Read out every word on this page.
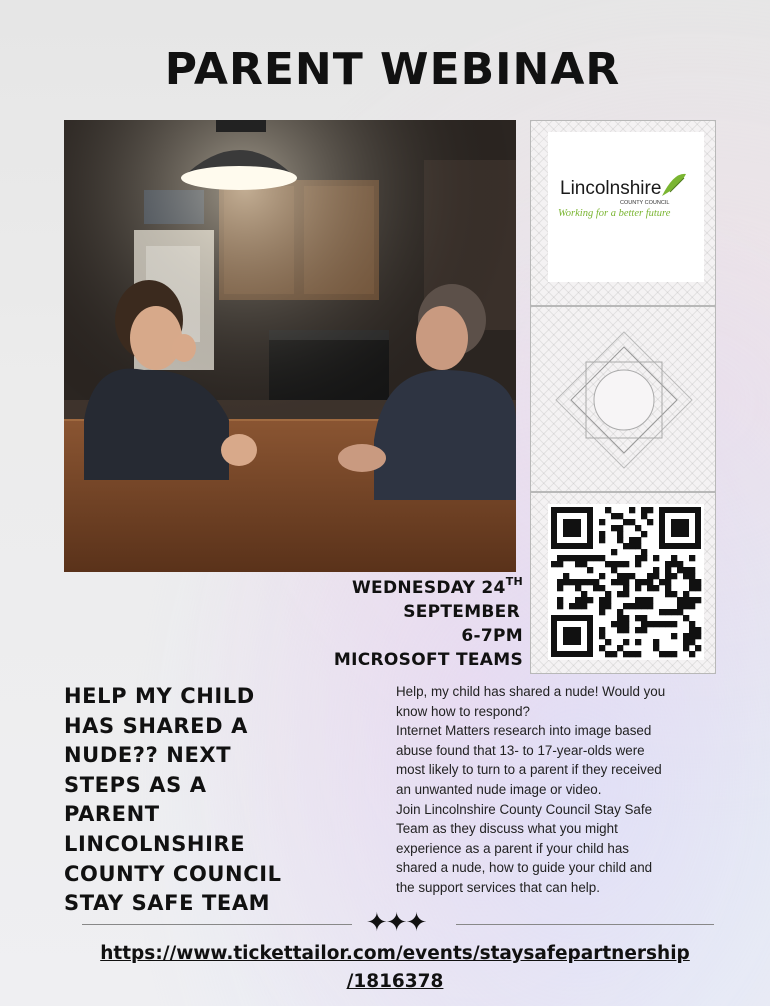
PARENT WEBINAR
Lincolnshire
COUNTY COUNCIL
Working for a better future
WEDNESDAY 24TH
SEPTEMBER
6-7PM
MICROSOFT TEAMS
HELP MY CHILD
HAS SHARED A
NUDE?? NEXT
STEPS AS A
PARENT
LINCOLNSHIRE
COUNTY COUNCIL
STAY SAFE TEAM
Help, my child has shared a nude! Would you
know how to respond?
Internet Matters research into image based
abuse found that 13- to 17-year-olds were
most likely to turn to a parent if they received
an unwanted nude image or video.
Join Lincolnshire County Council Stay Safe
Team as they discuss what you might
experience as a parent if your child has
shared a nude, how to guide your child and
the support services that can help.
✦✦✦
https://www.tickettailor.com/events/staysafepartnership
/1816378
